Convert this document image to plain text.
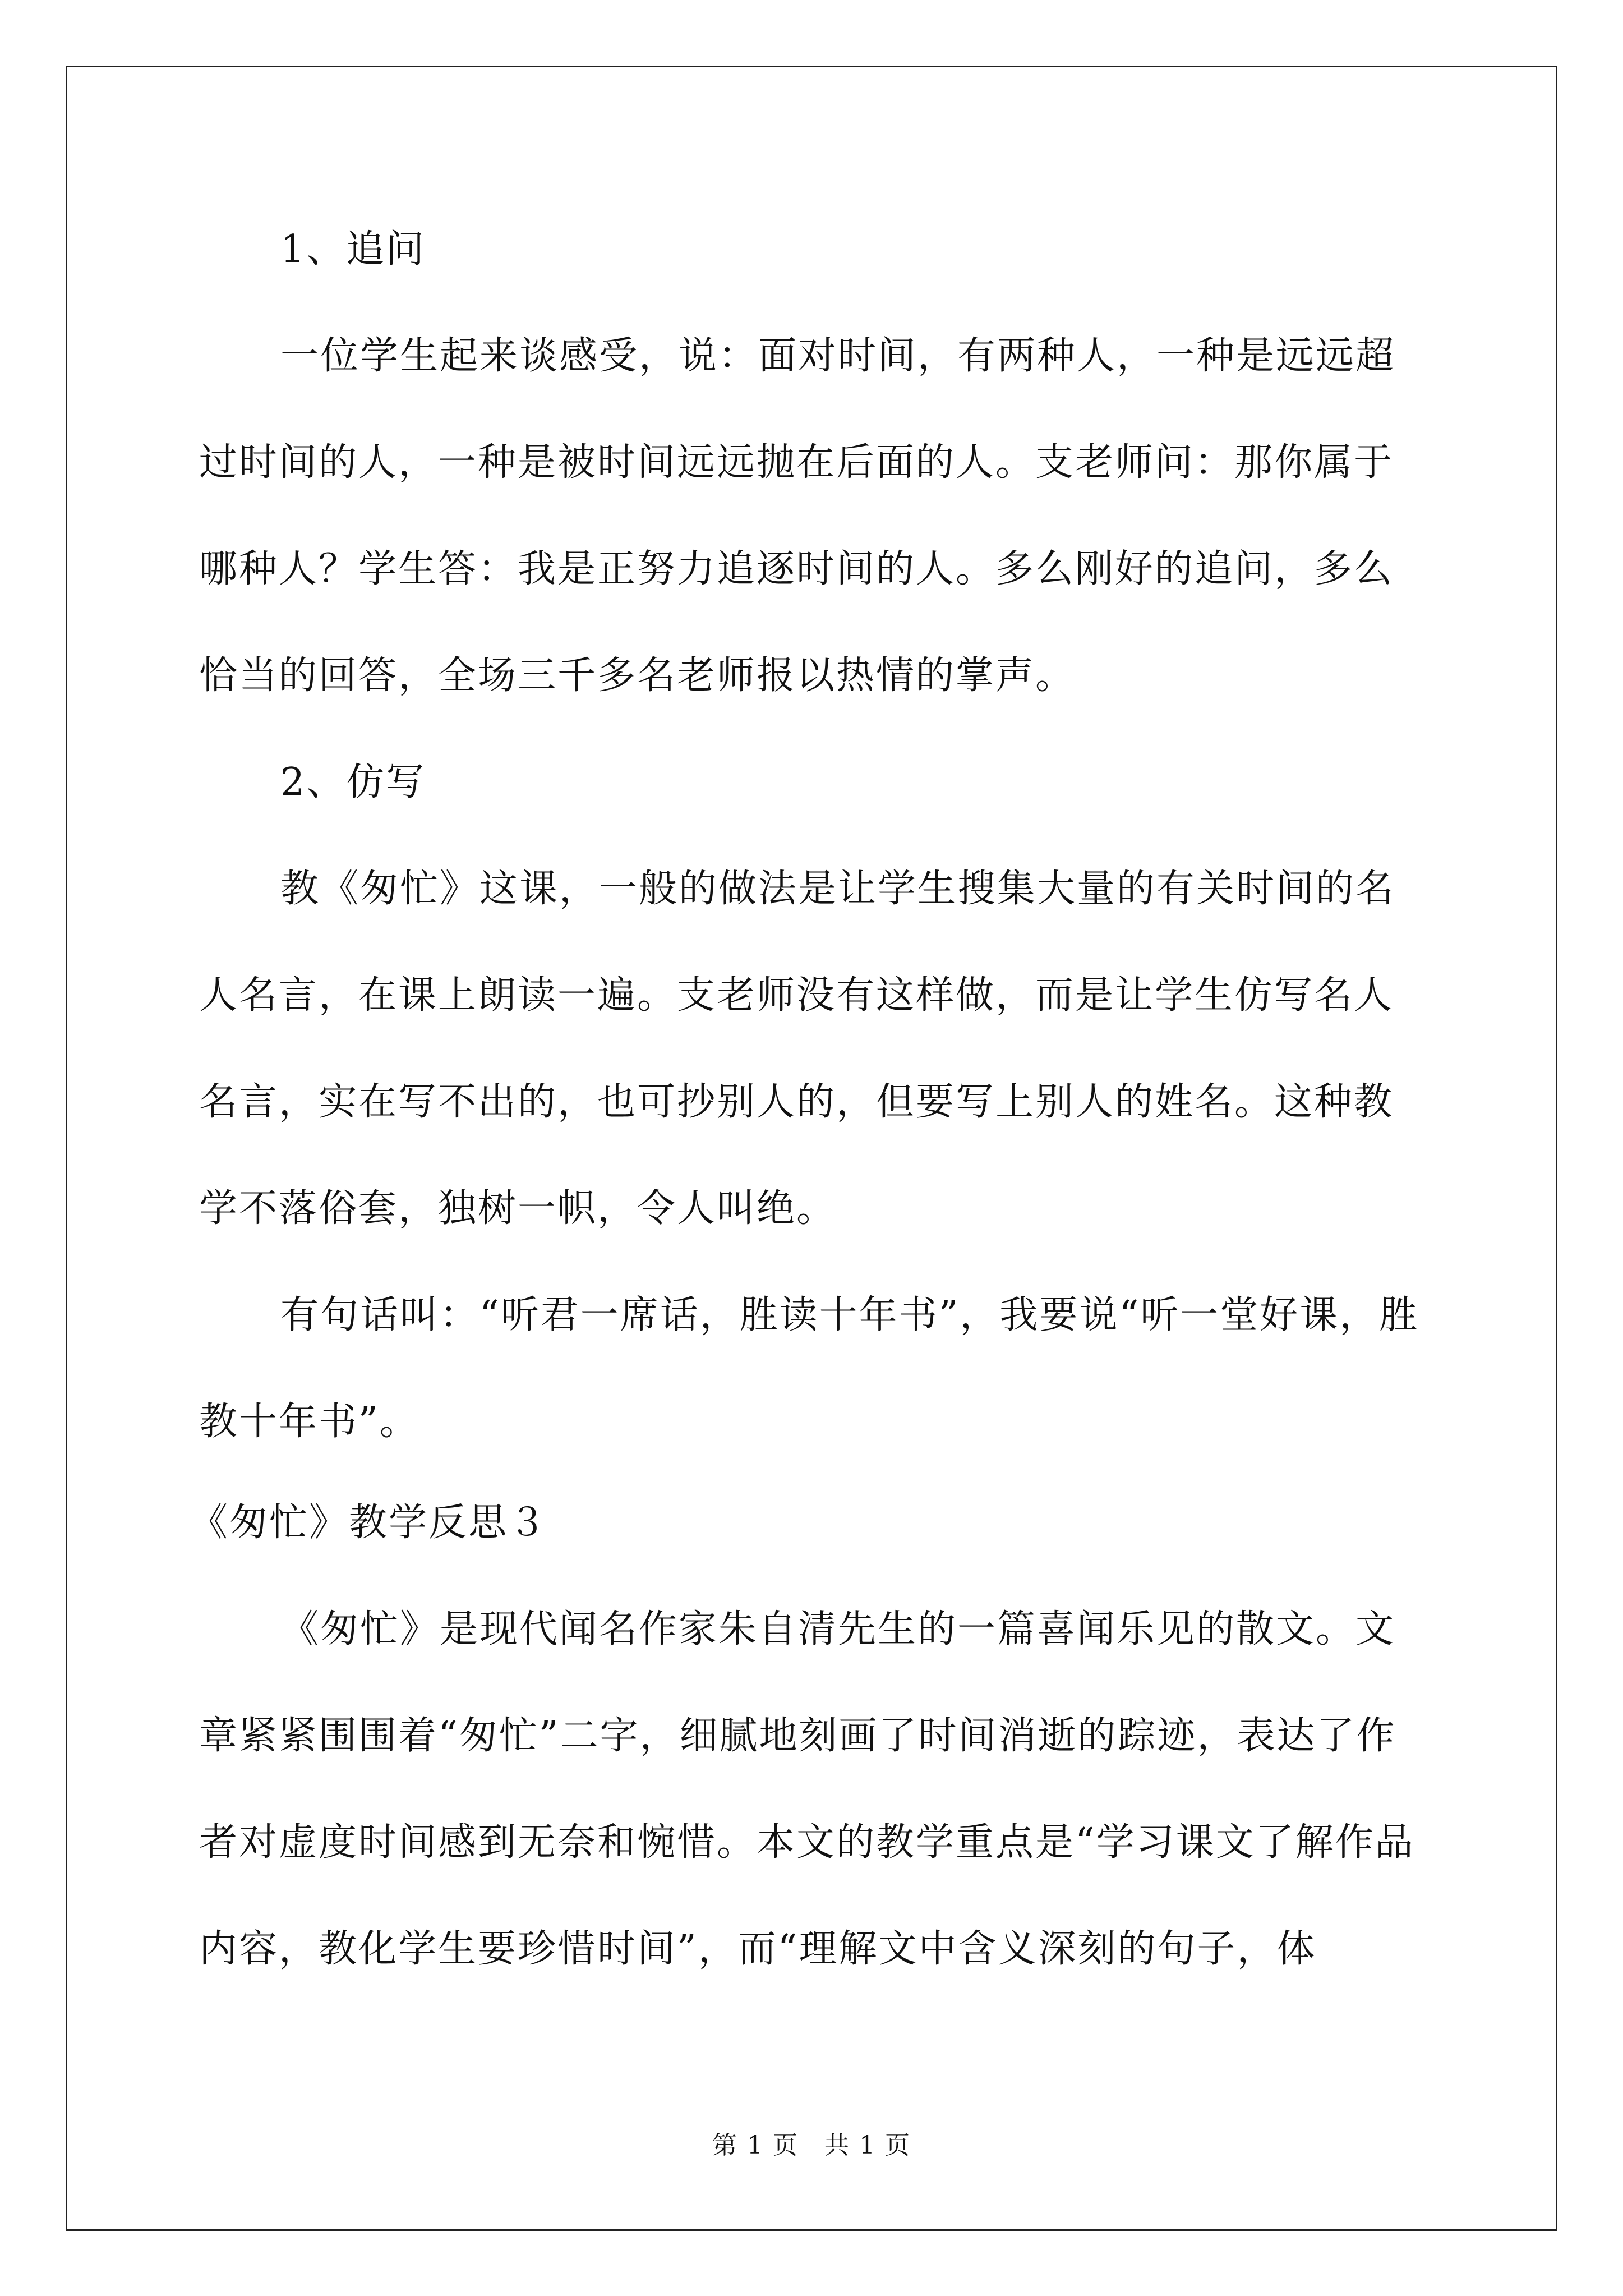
1、追问

一位学生起来谈感受，说：面对时间，有两种人，一种是远远超过时间的人，一种是被时间远远抛在后面的人。支老师问：那你属于哪种人？学生答：我是正努力追逐时间的人。多么刚好的追问，多么恰当的回答，全场三千多名老师报以热情的掌声。

2、仿写

教《匆忙》这课，一般的做法是让学生搜集大量的有关时间的名人名言，在课上朗读一遍。支老师没有这样做，而是让学生仿写名人名言，实在写不出的，也可抄别人的，但要写上别人的姓名。这种教学不落俗套，独树一帜，令人叫绝。

有句话叫：“听君一席话，胜读十年书”，我要说“听一堂好课，胜教十年书”。

《匆忙》教学反思３

《匆忙》是现代闻名作家朱自清先生的一篇喜闻乐见的散文。文章紧紧围围着“匆忙”二字，细腻地刻画了时间消逝的踪迹，表达了作者对虚度时间感到无奈和惋惜。本文的教学重点是“学习课文了解作品内容，教化学生要珍惜时间”，而“理解文中含义深刻的句子，体

第 1 页　共 1 页
